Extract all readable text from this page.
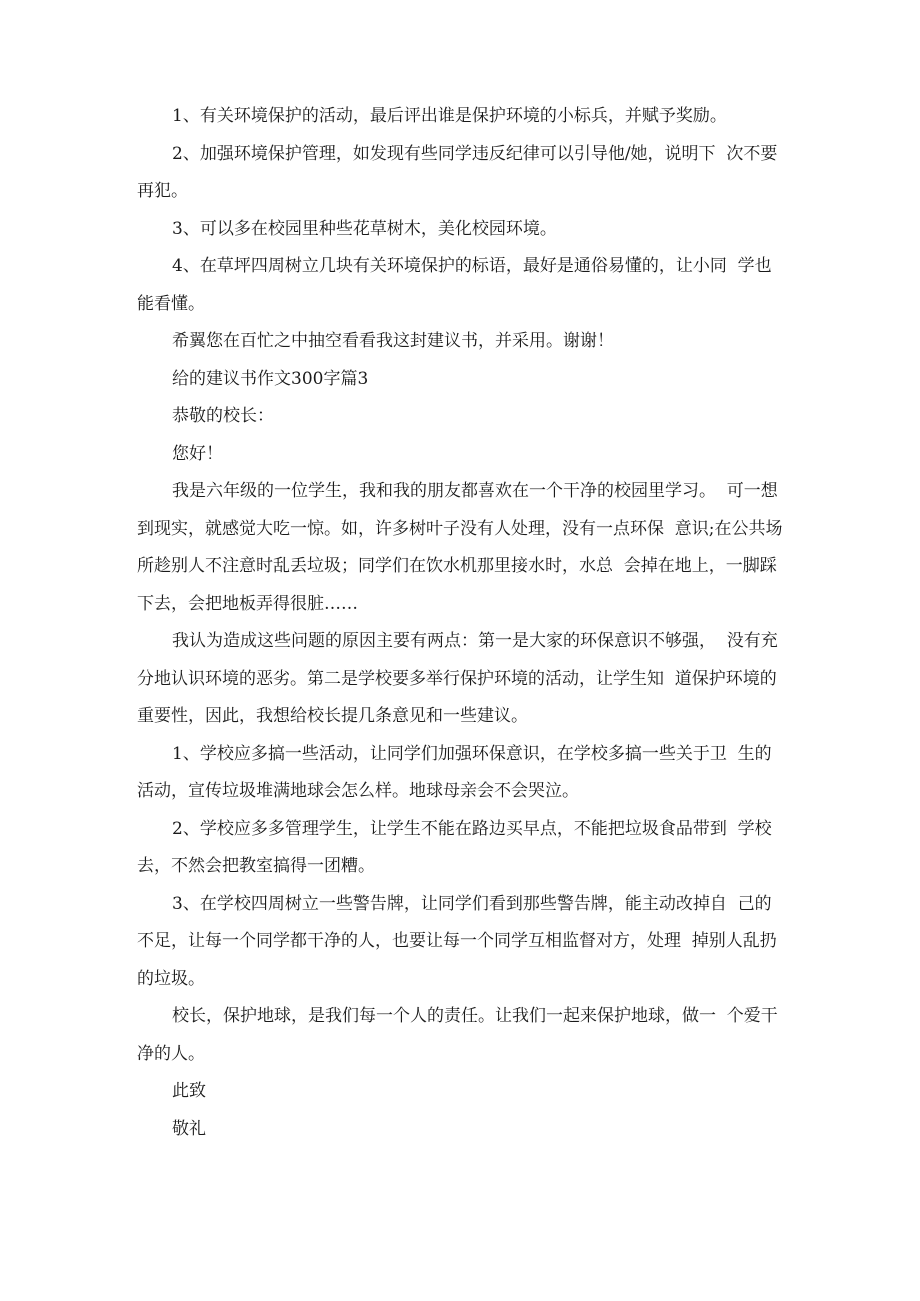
1、有关环境保护的活动，最后评出谁是保护环境的小标兵，并赋予奖励。

2、加强环境保护管理，如发现有些同学违反纪律可以引导他/她，说明下  次不要再犯。

3、可以多在校园里种些花草树木，美化校园环境。

4、在草坪四周树立几块有关环境保护的标语，最好是通俗易懂的，让小同  学也能看懂。

希翼您在百忙之中抽空看看我这封建议书，并采用。谢谢！

给的建议书作文300字篇3

恭敬的校长：

您好！

我是六年级的一位学生，我和我的朋友都喜欢在一个干净的校园里学习。  可一想到现实，就感觉大吃一惊。如，许多树叶子没有人处理，没有一点环保  意识;在公共场所趁别人不注意时乱丢垃圾；同学们在饮水机那里接水时，水总  会掉在地上，一脚踩下去，会把地板弄得很脏……

我认为造成这些问题的原因主要有两点：第一是大家的环保意识不够强，  没有充分地认识环境的恶劣。第二是学校要多举行保护环境的活动，让学生知  道保护环境的重要性，因此，我想给校长提几条意见和一些建议。

1、学校应多搞一些活动，让同学们加强环保意识，在学校多搞一些关于卫  生的活动，宣传垃圾堆满地球会怎么样。地球母亲会不会哭泣。

2、学校应多多管理学生，让学生不能在路边买早点，不能把垃圾食品带到  学校去，不然会把教室搞得一团糟。

3、在学校四周树立一些警告牌，让同学们看到那些警告牌，能主动改掉自  己的不足，让每一个同学都干净的人，也要让每一个同学互相监督对方，处理  掉别人乱扔的垃圾。

校长，保护地球，是我们每一个人的责任。让我们一起来保护地球，做一  个爱干净的人。

此致

敬礼
